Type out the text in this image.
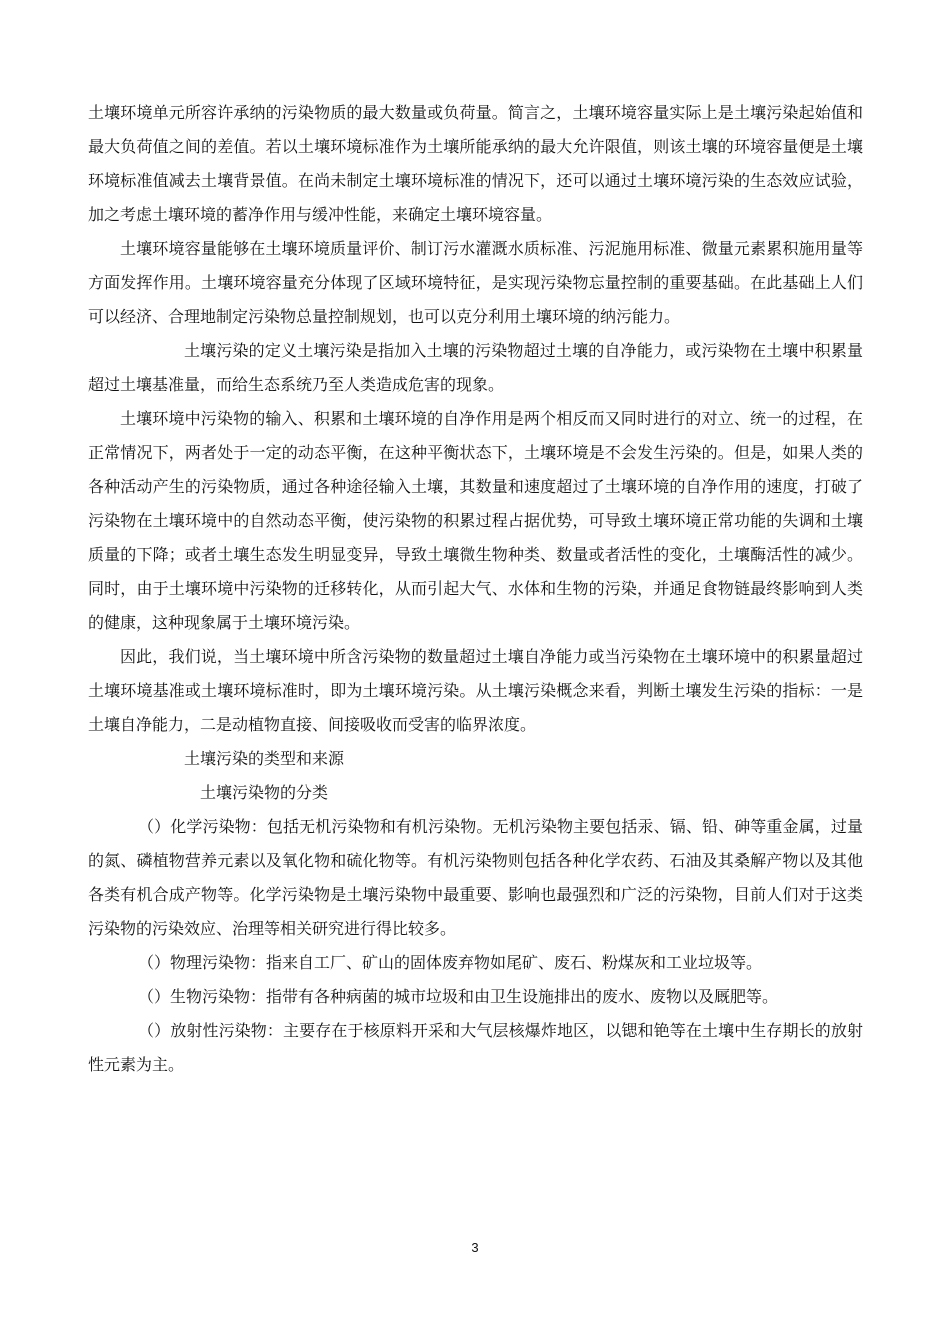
土壤环境单元所容许承纳的污染物质的最大数量或负荷量。简言之，土壤环境容量实际上是土壤污染起始值和最大负荷值之间的差值。若以土壤环境标准作为土壤所能承纳的最大允许限值，则该土壤的环境容量便是土壤环境标准值减去土壤背景值。在尚未制定土壤环境标准的情况下，还可以通过土壤环境污染的生态效应试验，加之考虑土壤环境的蓄净作用与缓冲性能，来确定土壤环境容量。

土壤环境容量能够在土壤环境质量评价、制订污水灌溉水质标准、污泥施用标准、微量元素累积施用量等方面发挥作用。土壤环境容量充分体现了区域环境特征，是实现污染物忘量控制的重要基础。在此基础上人们可以经济、合理地制定污染物总量控制规划，也可以克分利用土壤环境的纳污能力。

土壤污染的定义土壤污染是指加入土壤的污染物超过土壤的自净能力，或污染物在土壤中积累量超过土壤基准量，而给生态系统乃至人类造成危害的现象。

土壤环境中污染物的输入、积累和土壤环境的自净作用是两个相反而又同时进行的对立、统一的过程，在正常情况下，两者处于一定的动态平衡，在这种平衡状态下，土壤环境是不会发生污染的。但是，如果人类的各种活动产生的污染物质，通过各种途径输入土壤，其数量和速度超过了土壤环境的自净作用的速度，打破了污染物在土壤环境中的自然动态平衡，使污染物的积累过程占据优势，可导致土壤环境正常功能的失调和土壤质量的下降；或者土壤生态发生明显变异，导致土壤微生物种类、数量或者活性的变化，土壤酶活性的减少。同时，由于土壤环境中污染物的迁移转化，从而引起大气、水体和生物的污染，并通足食物链最终影响到人类的健康，这种现象属于土壤环境污染。

因此，我们说，当土壤环境中所含污染物的数量超过土壤自净能力或当污染物在土壤环境中的积累量超过土壤环境基准或土壤环境标准时，即为土壤环境污染。从土壤污染概念来看，判断土壤发生污染的指标：一是土壤自净能力，二是动植物直接、间接吸收而受害的临界浓度。

土壤污染的类型和来源

土壤污染物的分类

（）化学污染物：包括无机污染物和有机污染物。无机污染物主要包括汞、镉、铅、砷等重金属，过量的氮、磷植物营养元素以及氧化物和硫化物等。有机污染物则包括各种化学农药、石油及其桑解产物以及其他各类有机合成产物等。化学污染物是土壤污染物中最重要、影响也最强烈和广泛的污染物，目前人们对于这类污染物的污染效应、治理等相关研究进行得比较多。

（）物理污染物：指来自工厂、矿山的固体废弃物如尾矿、废石、粉煤灰和工业垃圾等。

（）生物污染物：指带有各种病菌的城市垃圾和由卫生设施排出的废水、废物以及厩肥等。

（）放射性污染物：主要存在于核原料开采和大气层核爆炸地区，以锶和铯等在土壤中生存期长的放射性元素为主。

3
